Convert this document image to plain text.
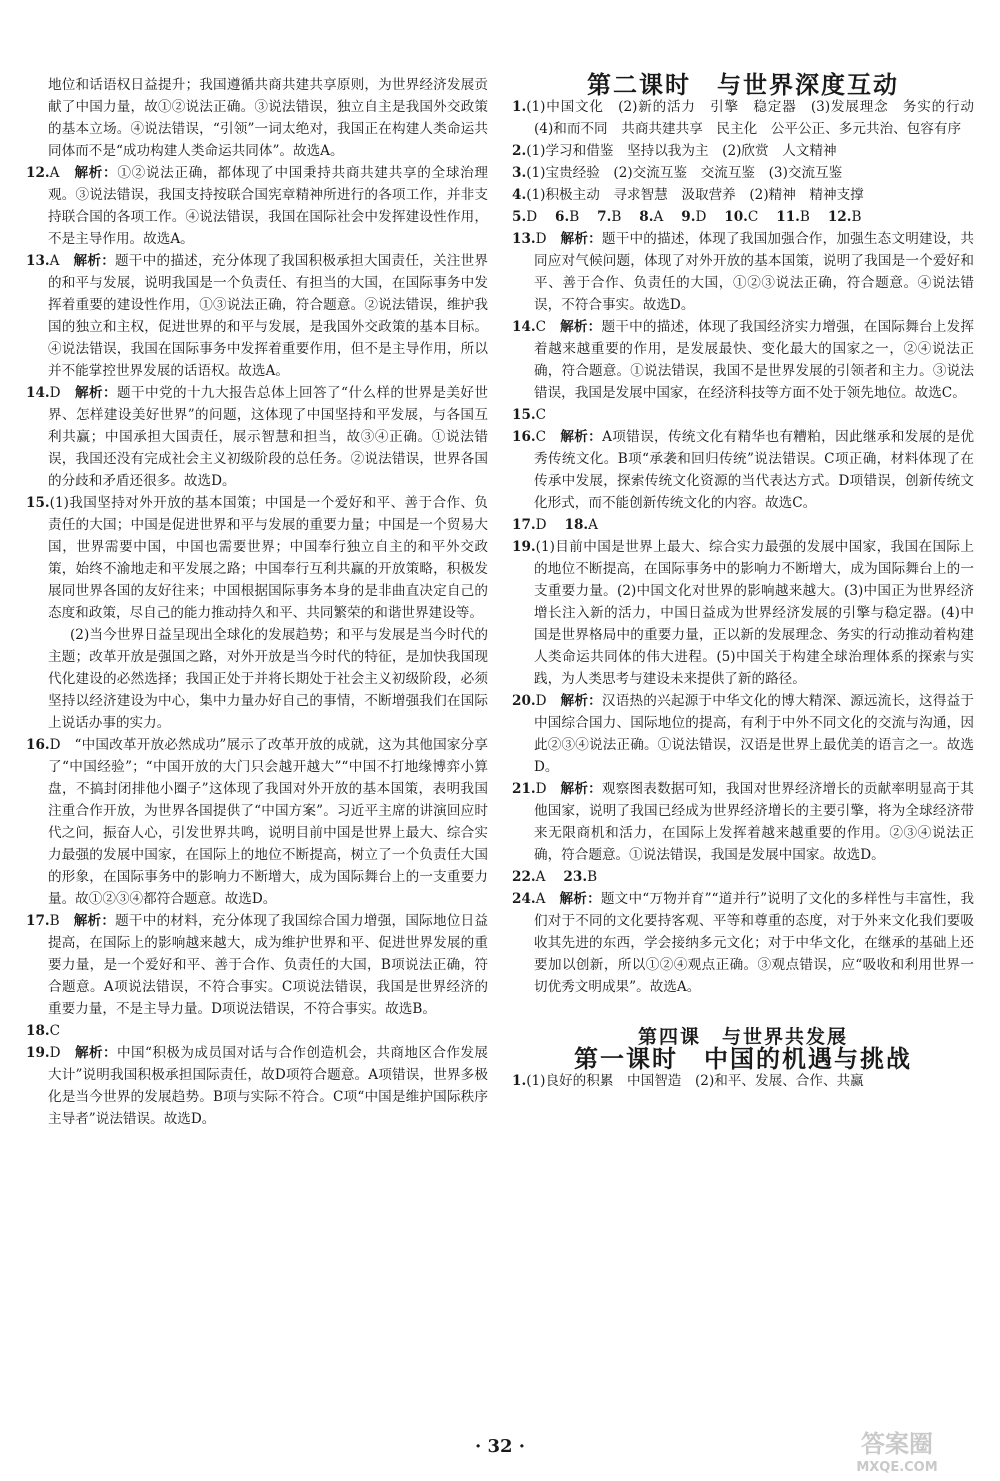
地位和话语权日益提升；我国遵循共商共建共享原则，为世界经济发展贡献了中国力量，故①②说法正确。③说法错误，独立自主是我国外交政策的基本立场。④说法错误，“引领”一词太绝对，我国正在构建人类命运共同体而不是“成功构建人类命运共同体”。故选A。

12.A　 解析：①②说法正确，都体现了中国秉持共商共建共享的全球治理观。③说法错误，我国支持按联合国宪章精神所进行的各项工作，并非支持联合国的各项工作。④说法错误，我国在国际社会中发挥建设性作用，不是主导作用。故选A。

13.A　 解析：题干中的描述，充分体现了我国积极承担大国责任，关注世界的和平与发展，说明我国是一个负责任、有担当的大国，在国际事务中发挥着重要的建设性作用，①③说法正确，符合题意。②说法错误，维护我国的独立和主权，促进世界的和平与发展，是我国外交政策的基本目标。④说法错误，我国在国际事务中发挥着重要作用，但不是主导作用，所以并不能掌控世界发展的话语权。故选A。

14.D　 解析：题干中党的十九大报告总体上回答了“什么样的世界是美好世界、怎样建设美好世界”的问题，这体现了中国坚持和平发展，与各国互利共赢；中国承担大国责任，展示智慧和担当，故③④正确。①说法错误，我国还没有完成社会主义初级阶段的总任务。②说法错误，世界各国的分歧和矛盾还很多。故选D。

15.(1)我国坚持对外开放的基本国策；中国是一个爱好和平、善于合作、负责任的大国；中国是促进世界和平与发展的重要力量；中国是一个贸易大国，世界需要中国，中国也需要世界；中国奉行独立自主的和平外交政策，始终不渝地走和平发展之路；中国奉行互利共赢的开放策略，积极发展同世界各国的友好往来；中国根据国际事务本身的是非曲直决定自己的态度和政策，尽自己的能力推动持久和平、共同繁荣的和谐世界建设等。

(2)当今世界日益呈现出全球化的发展趋势；和平与发展是当今时代的主题；改革开放是强国之路，对外开放是当今时代的特征，是加快我国现代化建设的必然选择；我国正处于并将长期处于社会主义初级阶段，必须坚持以经济建设为中心，集中力量办好自己的事情，不断增强我们在国际上说话办事的实力。

16.D　 “中国改革开放必然成功”展示了改革开放的成就，这为其他国家分享了“中国经验”；“中国开放的大门只会越开越大”“中国不打地缘博弈小算盘，不搞封闭排他小圈子”这体现了我国对外开放的基本国策，表明我国注重合作开放，为世界各国提供了“中国方案”。习近平主席的讲演回应时代之问，振奋人心，引发世界共鸣，说明目前中国是世界上最大、综合实力最强的发展中国家，在国际上的地位不断提高，树立了一个负责任大国的形象，在国际事务中的影响力不断增大，成为国际舞台上的一支重要力量。故①②③④都符合题意。故选D。

17.B　 解析：题干中的材料，充分体现了我国综合国力增强，国际地位日益提高，在国际上的影响越来越大，成为维护世界和平、促进世界发展的重要力量，是一个爱好和平、善于合作、负责任的大国，B项说法正确，符合题意。A项说法错误，不符合事实。C项说法错误，我国是世界经济的重要力量，不是主导力量。D项说法错误，不符合事实。故选B。

18.C

19.D　 解析：中国“积极为成员国对话与合作创造机会，共商地区合作发展大计”说明我国积极承担国际责任，故D项符合题意。A项错误，世界多极化是当今世界的发展趋势。B项与实际不符合。C项“中国是维护国际秩序主导者”说法错误。故选D。

第二课时　与世界深度互动

1.(1)中国文化　(2)新的活力　引擎　稳定器　(3)发展理念　务实的行动　(4)和而不同　共商共建共享　民主化　公平公正、多元共治、包容有序

2.(1)学习和借鉴　坚持以我为主　(2)欣赏　人文精神

3.(1)宝贵经验　(2)交流互鉴　交流互鉴　(3)交流互鉴

4.(1)积极主动　寻求智慧　汲取营养　(2)精神　精神支撑

5.D　 6.B　 7.B　 8.A　 9.D　 10.C　 11.B　 12.B

13.D　 解析：题干中的描述，体现了我国加强合作，加强生态文明建设，共同应对气候问题，体现了对外开放的基本国策，说明了我国是一个爱好和平、善于合作、负责任的大国，①②③说法正确，符合题意。④说法错误，不符合事实。故选D。

14.C　 解析：题干中的描述，体现了我国经济实力增强，在国际舞台上发挥着越来越重要的作用，是发展最快、变化最大的国家之一，②④说法正确，符合题意。①说法错误，我国不是世界发展的引领者和主力。③说法错误，我国是发展中国家，在经济科技等方面不处于领先地位。故选C。

15.C

16.C　 解析：A项错误，传统文化有精华也有糟粕，因此继承和发展的是优秀传统文化。B项“承袭和回归传统”说法错误。C项正确，材料体现了在传承中发展，探索传统文化资源的当代表达方式。D项错误，创新传统文化形式，而不能创新传统文化的内容。故选C。

17.D　 18.A

19.(1)目前中国是世界上最大、综合实力最强的发展中国家，我国在国际上的地位不断提高，在国际事务中的影响力不断增大，成为国际舞台上的一支重要力量。(2)中国文化对世界的影响越来越大。(3)中国正为世界经济增长注入新的活力，中国日益成为世界经济发展的引擎与稳定器。(4)中国是世界格局中的重要力量，正以新的发展理念、务实的行动推动着构建人类命运共同体的伟大进程。(5)中国关于构建全球治理体系的探索与实践，为人类思考与建设未来提供了新的路径。

20.D　 解析：汉语热的兴起源于中华文化的博大精深、源远流长，这得益于中国综合国力、国际地位的提高，有利于中外不同文化的交流与沟通，因此②③④说法正确。①说法错误，汉语是世界上最优美的语言之一。故选D。

21.D　 解析：观察图表数据可知，我国对世界经济增长的贡献率明显高于其他国家，说明了我国已经成为世界经济增长的主要引擎，将为全球经济带来无限商机和活力，在国际上发挥着越来越重要的作用。②③④说法正确，符合题意。①说法错误，我国是发展中国家。故选D。

22.A　 23.B

24.A　 解析：题文中“万物并育”“道并行”说明了文化的多样性与丰富性，我们对于不同的文化要持客观、平等和尊重的态度，对于外来文化我们要吸收其先进的东西，学会接纳多元文化；对于中华文化，在继承的基础上还要加以创新，所以①②④观点正确。③观点错误，应“吸收和利用世界一切优秀文明成果”。故选A。

第四课　与世界共发展
第一课时　中国的机遇与挑战

1.(1)良好的积累　中国智造　(2)和平、发展、合作、共赢

· 32 ·	答案圈
MXQE.COM
